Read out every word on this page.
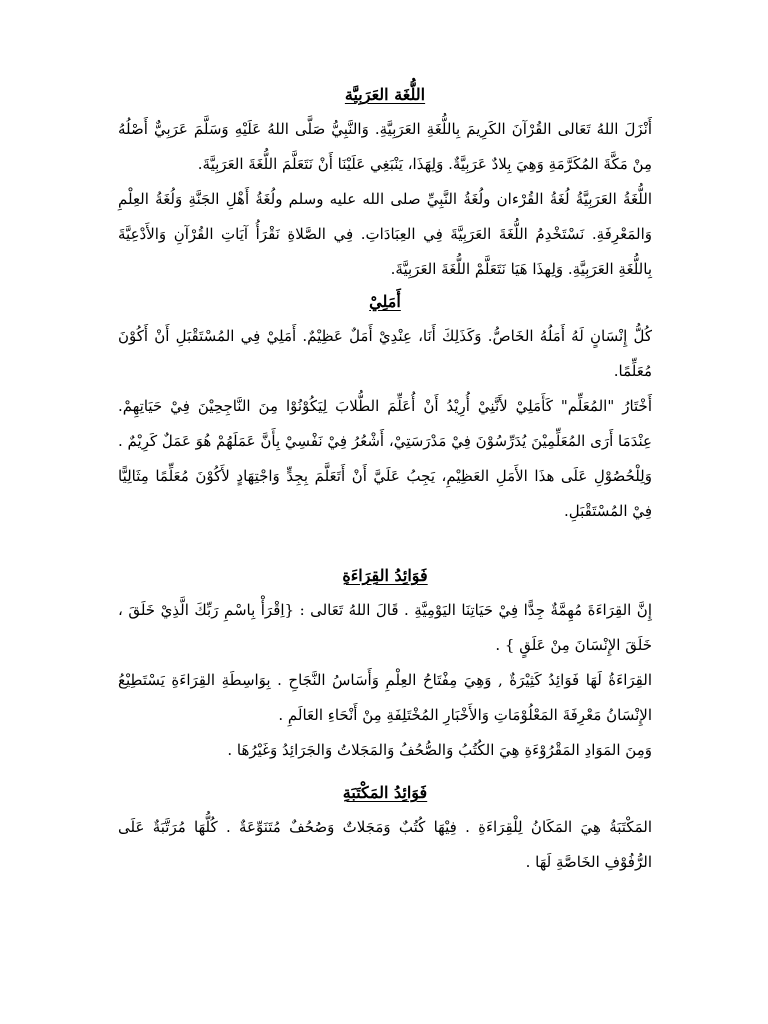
اللُّغَة العَرَبِيَّة

أَنْزَلَ اللهُ تَعَالى القُرْآنَ الكَرِيمَ بِاللُّغَةِ العَرَبِيَّةِ. وَالنَّبِيُّ صَلَّى اللهُ عَلَيْهِ وَسَلَّمَ عَرَبِيٌّ أَصْلُهُ مِنْ مَكَّةَ المُكَرَّمَةِ وَهِيَ بِلادٌ عَرَبِيَّةٌ. وَلِهَذَا، يَنْبَغِي عَلَيْنَا أَنْ نَتَعَلَّمَ اللُّغَةَ العَرَبِيَّةَ.

اللُّغَةُ العَرَبِيَّةُ لُغَةُ القُرْءان ولُغَةُ النَّبِيِّ صلى الله عليه وسلم ولُغَةُ أَهْلِ الجَنَّةِ وَلُغَةُ العِلْمِ وَالمَعْرِفَةِ. نَسْتَخْدِمُ اللُّغَةَ العَرَبِيَّةَ فِي العِبَادَاتِ. فِي الصَّلاةِ نَقْرَأُ آيَاتِ القُرْآنِ وَالأَدْعِيَّةَ بِاللُّغَةِ العَرَبِيَّةِ. وَلِهذَا هَيَا نَتَعَلَّمْ اللُّغَةَ العَرَبِيَّةَ.

أَمَلِيْ

كُلُّ إِنْسَانٍ لَهُ أَمَلُهُ الخَاصُّ. وَكَذَلِكَ أَنَا، عِنْدِيْ أَمَلٌ عَظِيْمٌ. أَمَلِيْ فِي المُسْتَقْبَلِ أَنْ أَكُوْنَ مُعَلِّمًا.

أَخْتَارُ "المُعَلِّم" كَأَمَلِيْ لأَنَّنِيْ أُرِيْدُ أَنْ أُعَلِّمَ الطُّلابَ لِيَكُوْنُوْا مِنَ النَّاجِحِيْنَ فِيْ حَيَاتِهِمْ. عِنْدَمَا أَرَى المُعَلِّمِيْنَ يُدَرِّسُوْنَ فِيْ مَدْرَسَتِيْ، أَشْعُرُ فِيْ نَفْسِيْ بِأَنَّ عَمَلَهُمْ هُوَ عَمَلٌ كَرِيْمٌ . وَلِلْحُصُوْلِ عَلَى هذَا الأَمَلِ العَظِيْمِ، يَجِبُ عَلَيَّ أَنْ أَتَعَلَّمَ بِجِدٍّ وَاجْتِهَادٍ لأَكُوْنَ مُعَلِّمًا مِثَالِيًّا فِيْ المُسْتَقْبَلِ.

فَوَائِدُ القِرَاءَةِ

إِنَّ القِرَاءَةَ مُهِمَّةٌ جِدًّا فِيْ حَيَاتِنَا اليَوْمِيَّةِ . قَالَ اللهُ تَعَالى : {اِقْرَأْ بِاسْمِ رَبِّكَ الَّذِيْ خَلَقَ ، خَلَقَ الإِنْسَانَ مِنْ عَلَقٍ } .

القِرَاءَةُ لَهَا فَوَائِدُ كَثِيْرَةٌ , وَهِيَ مِفْتَاحُ العِلْمِ وَأَسَاسُ النَّجَاحِ . بِوَاسِطَةِ القِرَاءَةِ يَسْتَطِيْعُ الإِنْسَانُ مَعْرِفَةَ المَعْلُوْمَاتِ وَالأَخْبَارِ المُخْتَلِفَةِ مِنْ أَنْحَاءِ العَالَمِ .

وَمِنَ المَوَادِ المَقْرُوْءَةِ هِيَ الكُتُبُ وَالصُّحُفُ وَالمَجَلاتُ وَالجَرَائِدُ وَغَيْرُهَا .

فَوَائِدُ المَكْتَبَةِ

المَكْتَبَةُ هِيَ المَكَانُ لِلْقِرَاءَةِ . فِيْهَا كُتُبٌ وَمَجَلاتٌ وَصُحُفٌ مُتَنَوِّعَةٌ . كُلُّهَا مُرَتَّبَةٌ عَلَى الرُّفُوْفِ الخَاصَّةِ لَهَا .
